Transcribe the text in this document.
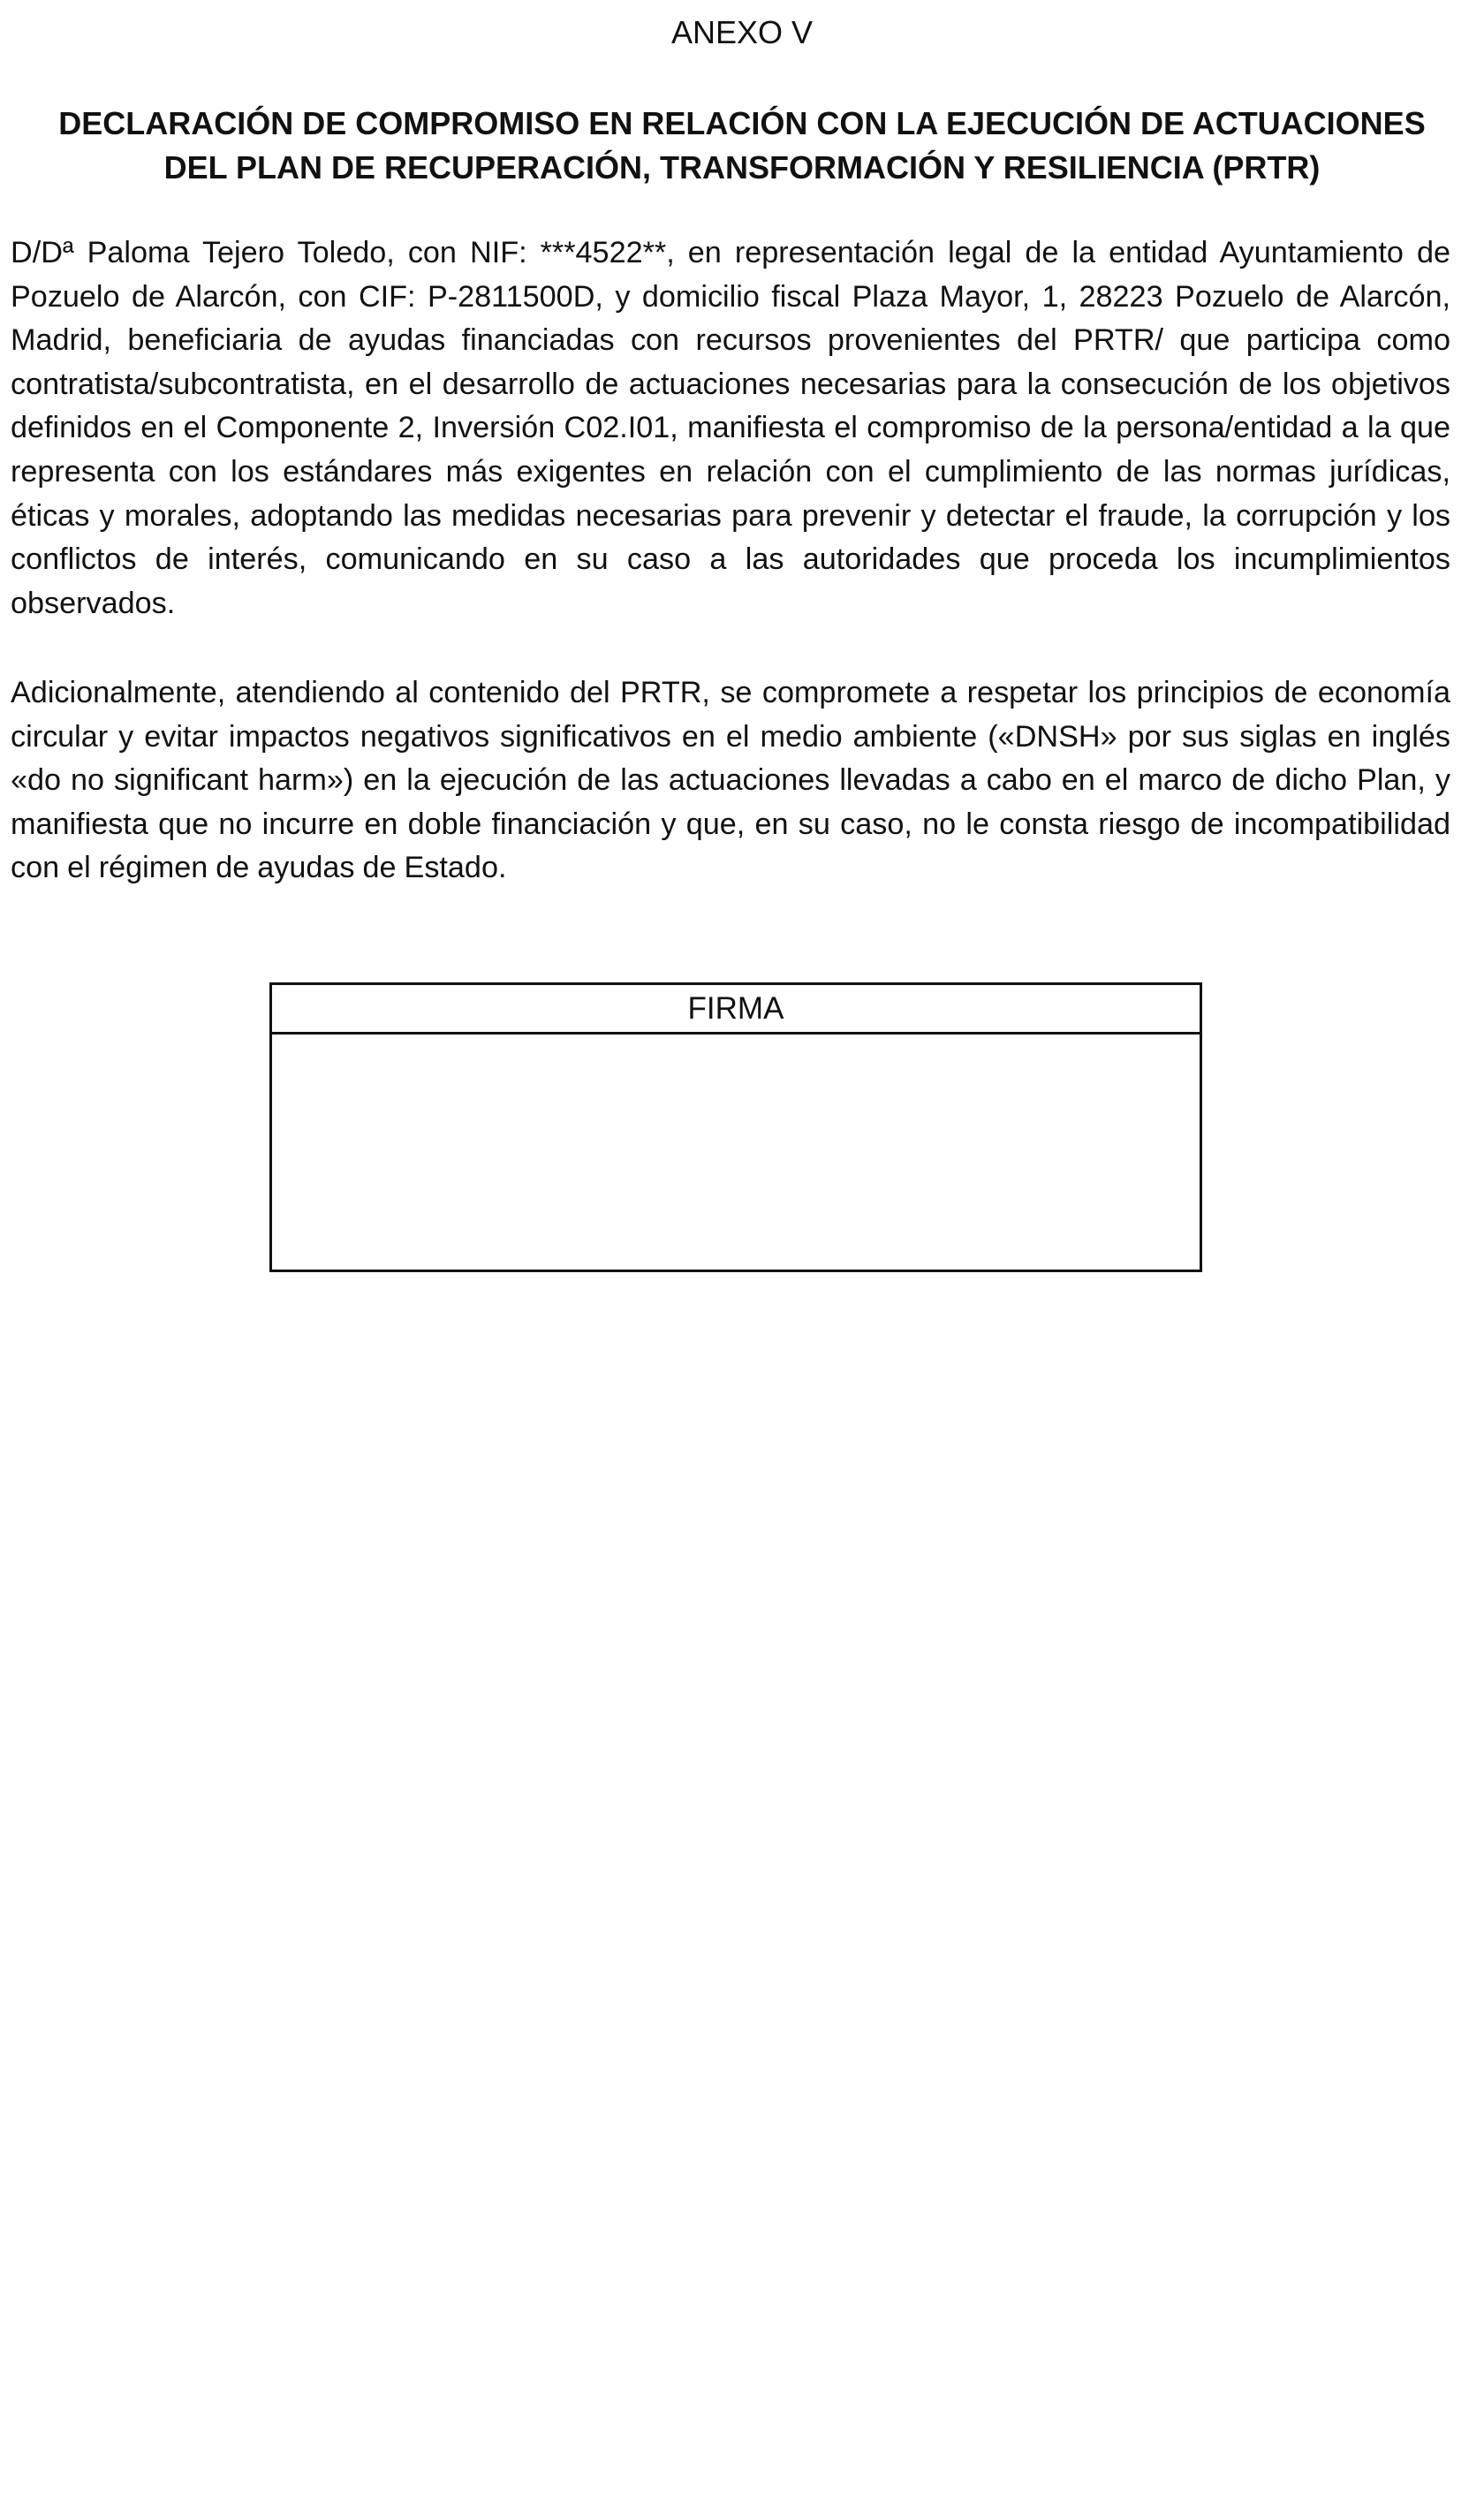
ANEXO V
DECLARACIÓN DE COMPROMISO EN RELACIÓN CON LA EJECUCIÓN DE ACTUACIONES
DEL PLAN DE RECUPERACIÓN, TRANSFORMACIÓN Y RESILIENCIA (PRTR)

D/Dª Paloma Tejero Toledo, con NIF: ***4522**, en representación legal de la entidad Ayuntamiento de Pozuelo de Alarcón, con CIF: P-2811500D, y domicilio fiscal Plaza Mayor, 1, 28223 Pozuelo de Alarcón, Madrid, beneficiaria de ayudas financiadas con recursos provenientes del PRTR/ que participa como contratista/subcontratista, en el desarrollo de actuaciones necesarias para la consecución de los objetivos definidos en el Componente 2, Inversión C02.I01, manifiesta el compromiso de la persona/entidad a la que representa con los estándares más exigentes en relación con el cumplimiento de las normas jurídicas, éticas y morales, adoptando las medidas necesarias para prevenir y detectar el fraude, la corrupción y los conflictos de interés, comunicando en su caso a las autoridades que proceda los incumplimientos observados.

Adicionalmente, atendiendo al contenido del PRTR, se compromete a respetar los principios de economía circular y evitar impactos negativos significativos en el medio ambiente («DNSH» por sus siglas en inglés «do no significant harm») en la ejecución de las actuaciones llevadas a cabo en el marco de dicho Plan, y manifiesta que no incurre en doble financiación y que, en su caso, no le consta riesgo de incompatibilidad con el régimen de ayudas de Estado.

FIRMA
